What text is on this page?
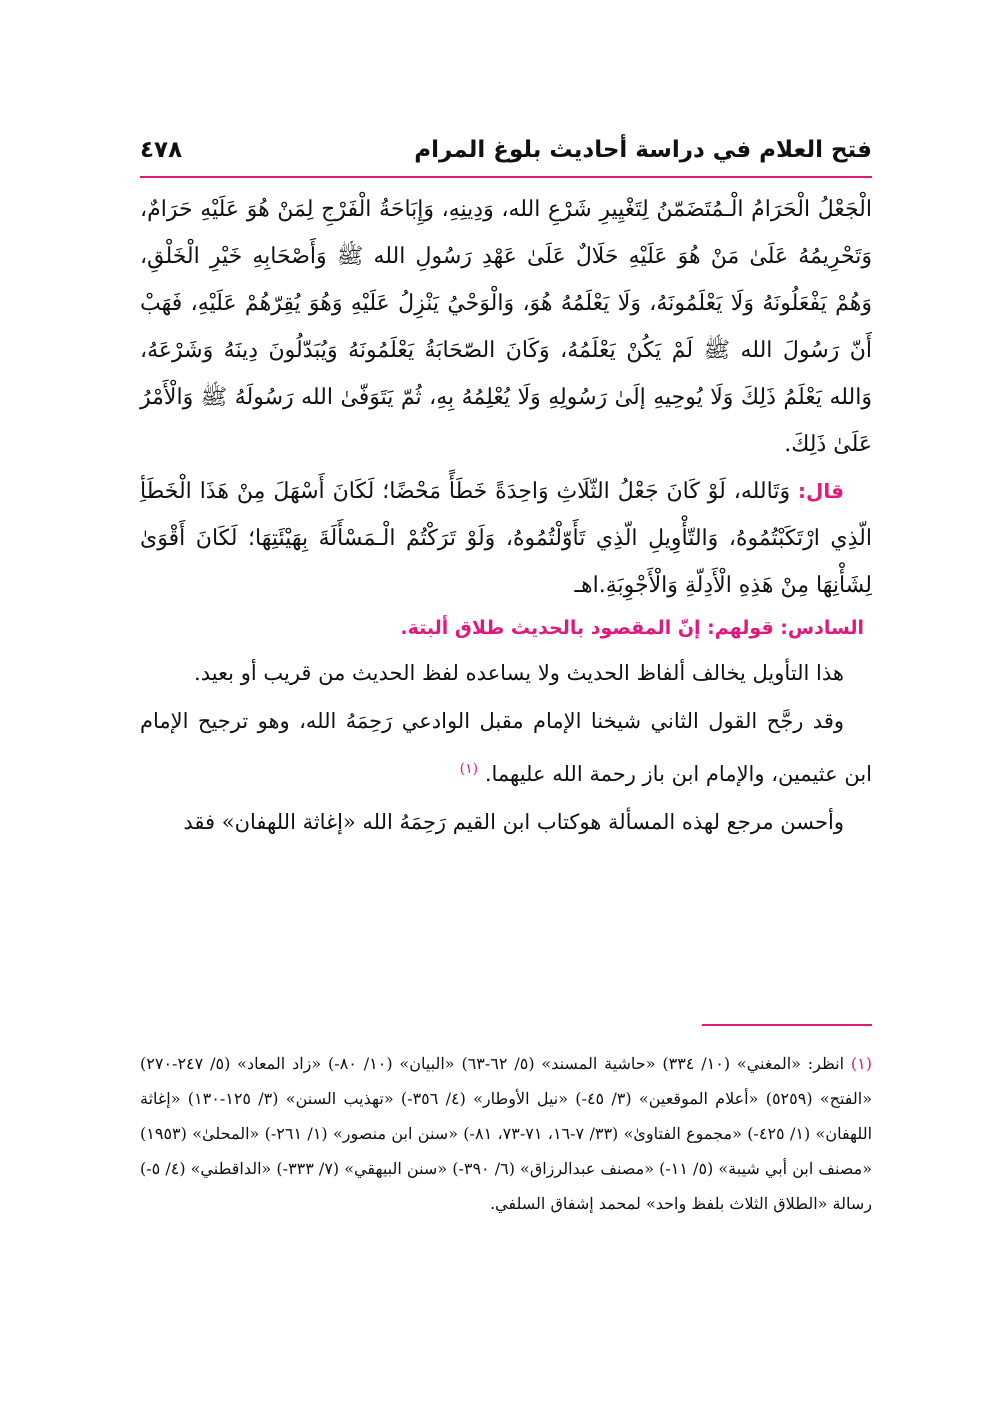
فتح العلام في دراسة أحاديث بلوغ المرام
٤٧٨

الْجَعْلُ الْحَرَامُ الْـمُتَضَمّنُ لِتَغْيِيرِ شَرْعِ الله، وَدِينِهِ، وَإِبَاحَةُ الْفَرْجِ لِمَنْ هُوَ عَلَيْهِ حَرَامٌ، وَتَحْرِيمُهُ عَلَىٰ مَنْ هُوَ عَلَيْهِ حَلَالٌ عَلَىٰ عَهْدِ رَسُولِ الله ﷺ وَأَصْحَابِهِ خَيْرِ الْخَلْقِ، وَهُمْ يَفْعَلُونَهُ وَلَا يَعْلَمُونَهُ، وَلَا يَعْلَمُهُ هُوَ، وَالْوَحْيُ يَنْزِلُ عَلَيْهِ وَهُوَ يُقِرّهُمْ عَلَيْهِ، فَهَبْ أَنّ رَسُولَ الله ﷺ لَمْ يَكُنْ يَعْلَمُهُ، وَكَانَ الصّحَابَةُ يَعْلَمُونَهُ وَيُبَدّلُونَ دِينَهُ وَشَرْعَهُ، وَالله يَعْلَمُ ذَلِكَ وَلَا يُوحِيهِ إلَىٰ رَسُولِهِ وَلَا يُعْلِمُهُ بِهِ، ثُمّ يَتَوَفّىٰ الله رَسُولَهُ ﷺ وَالْأَمْرُ عَلَىٰ ذَلِكَ.

قال: وَتَالله، لَوْ كَانَ جَعْلُ الثّلَاثِ وَاحِدَةً خَطَأً مَحْضًا؛ لَكَانَ أَسْهَلَ مِنْ هَذَا الْخَطَأِ الّذِي ارْتَكَبْتُمُوهُ، وَالتّأْوِيلِ الّذِي تَأَوّلْتُمُوهُ، وَلَوْ تَرَكْتُمْ الْـمَسْأَلَةَ بِهَيْئَتِهَا؛ لَكَانَ أَقْوَىٰ لِشَأْنِهَا مِنْ هَذِهِ الْأَدِلّةِ وَالْأَجْوِبَةِ.اهـ

السادس: قولهم: إنّ المقصود بالحديث طلاق ألبتة.

هذا التأويل يخالف ألفاظ الحديث ولا يساعده لفظ الحديث من قريب أو بعيد.

وقد رجَّح القول الثاني شيخنا الإمام مقبل الوادعي رَحِمَهُ الله، وهو ترجيح الإمام ابن عثيمين، والإمام ابن باز رحمة الله عليهما. $^{(١)}$

وأحسن مرجع لهذه المسألة هوكتاب ابن القيم رَحِمَهُ الله «إغاثة اللهفان» فقد

(١) انظر: «المغني» (١٠/ ٣٣٤) «حاشية المسند» (٥/ ٦٢-٦٣) «البيان» (١٠/ ٨٠-) «زاد المعاد» (٥/ ٢٤٧-٢٧٠) «الفتح» (٥٢٥٩) «أعلام الموقعين» (٣/ ٤٥-) «نيل الأوطار» (٤/ ٣٥٦-) «تهذيب السنن» (٣/ ١٢٥-١٣٠) «إغاثة اللهفان» (١/ ٤٢٥-) «مجموع الفتاوىٰ» (٣٣/ ٧-١٦، ٧١-٧٣، ٨١-) «سنن ابن منصور» (١/ ٢٦١-) «المحلىٰ» (١٩٥٣) «مصنف ابن أبي شيبة» (٥/ ١١-) «مصنف عبدالرزاق» (٦/ ٣٩٠-) «سنن البيهقي» (٧/ ٣٣٣-) «الداقطني» (٤/ ٥-) رسالة «الطلاق الثلاث بلفظ واحد» لمحمد إشفاق السلفي.
